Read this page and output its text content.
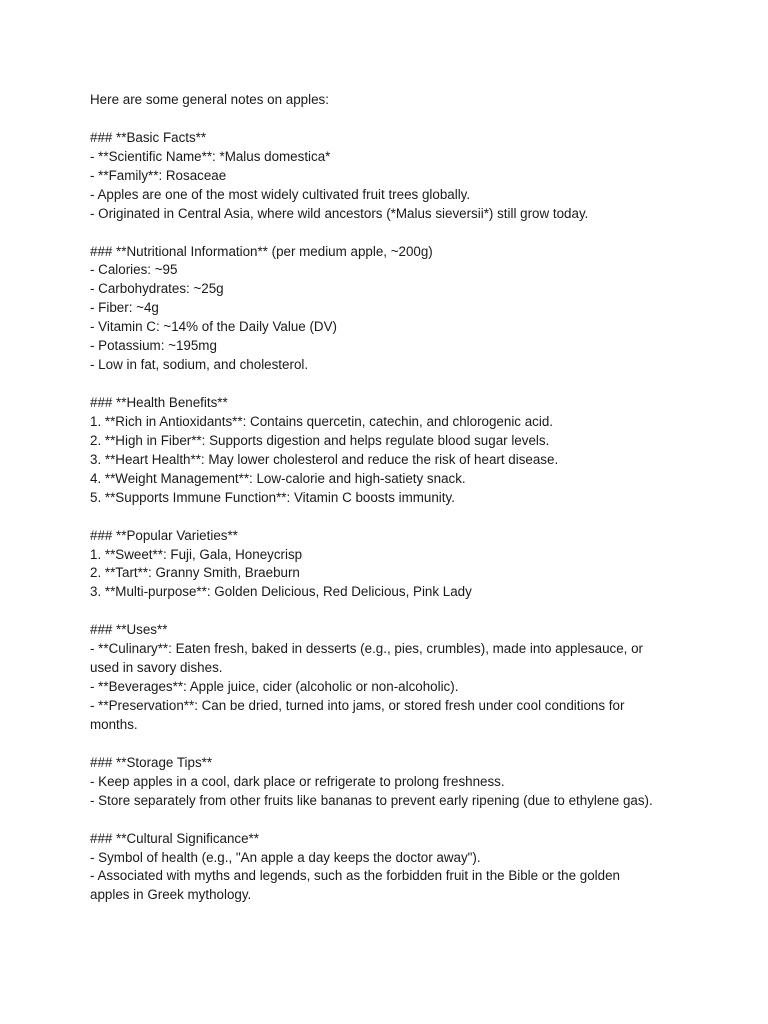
Here are some general notes on apples:
### **Basic Facts**
- **Scientific Name**: *Malus domestica*
- **Family**: Rosaceae
- Apples are one of the most widely cultivated fruit trees globally.
- Originated in Central Asia, where wild ancestors (*Malus sieversii*) still grow today.
### **Nutritional Information** (per medium apple, ~200g)
- Calories: ~95
- Carbohydrates: ~25g
- Fiber: ~4g
- Vitamin C: ~14% of the Daily Value (DV)
- Potassium: ~195mg
- Low in fat, sodium, and cholesterol.
### **Health Benefits**
1. **Rich in Antioxidants**: Contains quercetin, catechin, and chlorogenic acid.
2. **High in Fiber**: Supports digestion and helps regulate blood sugar levels.
3. **Heart Health**: May lower cholesterol and reduce the risk of heart disease.
4. **Weight Management**: Low-calorie and high-satiety snack.
5. **Supports Immune Function**: Vitamin C boosts immunity.
### **Popular Varieties**
1. **Sweet**: Fuji, Gala, Honeycrisp
2. **Tart**: Granny Smith, Braeburn
3. **Multi-purpose**: Golden Delicious, Red Delicious, Pink Lady
### **Uses**
- **Culinary**: Eaten fresh, baked in desserts (e.g., pies, crumbles), made into applesauce, or
used in savory dishes.
- **Beverages**: Apple juice, cider (alcoholic or non-alcoholic).
- **Preservation**: Can be dried, turned into jams, or stored fresh under cool conditions for
months.
### **Storage Tips**
- Keep apples in a cool, dark place or refrigerate to prolong freshness.
- Store separately from other fruits like bananas to prevent early ripening (due to ethylene gas).
### **Cultural Significance**
- Symbol of health (e.g., "An apple a day keeps the doctor away").
- Associated with myths and legends, such as the forbidden fruit in the Bible or the golden
apples in Greek mythology.
